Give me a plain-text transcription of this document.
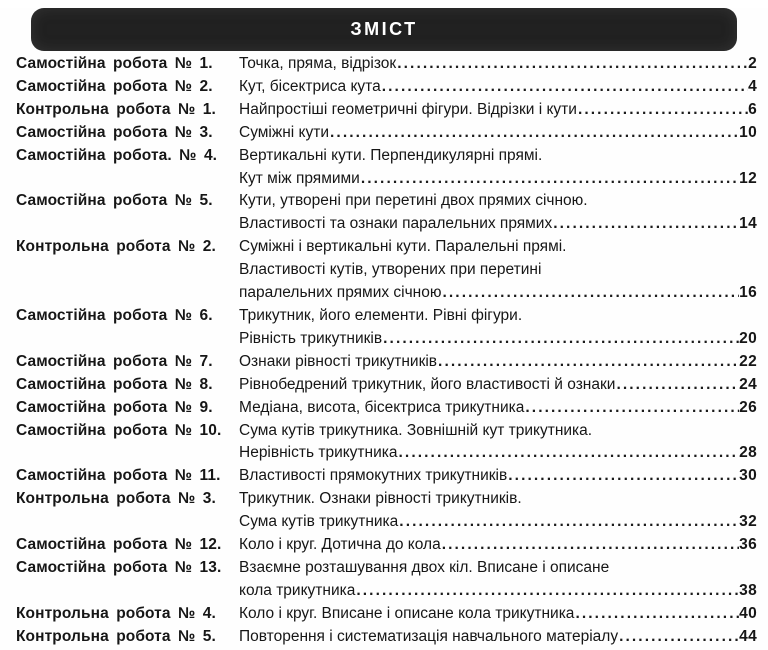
ЗМІСТ
Самостійна робота № 1.	Точка, пряма, відрізок .....	2
Самостійна робота № 2.	Кут, бісектриса кута .....	4
Контрольна робота № 1.	Найпростіші геометричні фігури. Відрізки і кути .....	6
Самостійна робота № 3.	Суміжні кути .....	10
Самостійна робота. № 4.	Вертикальні кути. Перпендикулярні прямі.
Кут між прямими .....	12
Самостійна робота № 5.	Кути, утворені при перетині двох прямих січною.
Властивості та ознаки паралельних прямих .....	14
Контрольна робота № 2.	Суміжні і вертикальні кути. Паралельні прямі.
Властивості кутів, утворених при перетині
паралельних прямих січною .....	16
Самостійна робота № 6.	Трикутник, його елементи. Рівні фігури.
Рівність трикутників .....	20
Самостійна робота № 7.	Ознаки рівності трикутників .....	22
Самостійна робота № 8.	Рівнобедрений трикутник, його властивості й ознаки .....	24
Самостійна робота № 9.	Медіана, висота, бісектриса трикутника .....	26
Самостійна робота № 10.	Сума кутів трикутника. Зовнішній кут трикутника.
Нерівність трикутника .....	28
Самостійна робота № 11.	Властивості прямокутних трикутників .....	30
Контрольна робота № 3.	Трикутник. Ознаки рівності трикутників.
Сума кутів трикутника .....	32
Самостійна робота № 12.	Коло і круг. Дотична до кола .....	36
Самостійна робота № 13.	Взаємне розташування двох кіл. Вписане і описане
кола трикутника .....	38
Контрольна робота № 4.	Коло і круг. Вписане і описане кола трикутника .....	40
Контрольна робота № 5.	Повторення і систематизація навчального матеріалу .....	44
